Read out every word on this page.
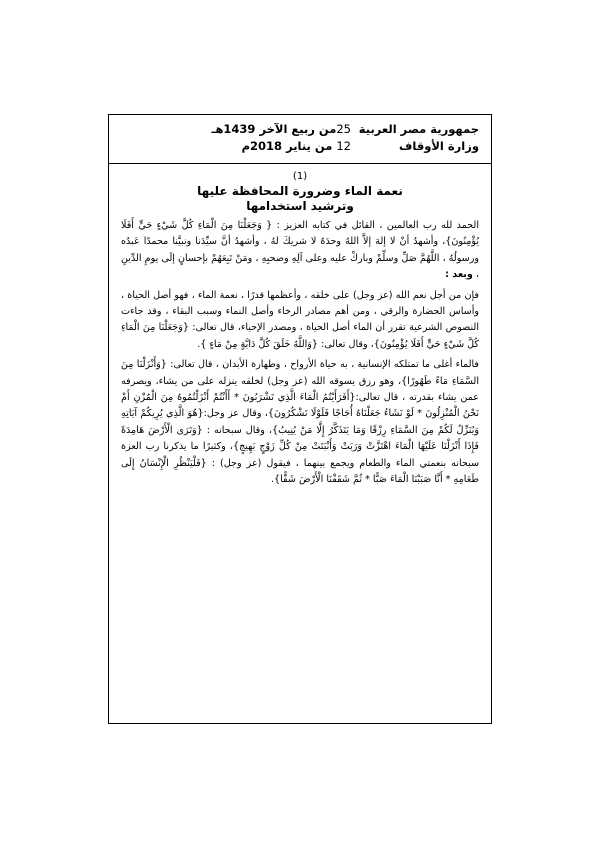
جمهورية مصر العربية
وزارة الأوقاف
25من ربيع الآخر 1439هـ
12 من يناير 2018م
(1)
نعمة الماء وضرورة المحافظة عليها
وترشيد استخدامها

الحمد لله رب العالمين ، القائل في كتابه العزيز : { وَجَعَلْنَا مِنَ الْمَاءِ كُلَّ شَيْءٍ حَيٍّ أَفَلَا يُؤْمِنُونَ}، وأشهدُ أنْ لا إلهَ إلاَّ اللهُ وحدَهُ لا شريكَ لهُ ، وأشهدُ أنَّ سيِّدَنا ونبيَّنا محمدًا عَبدُه ورسولُهُ ، اللَّهُمَّ صَلِّ وسلِّمْ وباركْ عليه وعلى آلِهِ وصحبِهِ ، ومَنْ تَبِعَهُمْ بإحسانٍ إلَى يومِ الدِّينِ ، وبعد :

فإن من أجل نعم الله (عز وجل) على خلقه ، وأعظمها قدرًا ، نعمة الماء ، فهو أصل الحياة ، وأساس الحضارة والرقي ، ومن أهم مصادر الرخاء وأصل النماء وسبب البقاء ، وقد جاءت النصوص الشرعية تقرر أن الماء أصل الحياة ، ومصدر الإحياء، قال تعالى: {وَجَعَلْنَا مِنَ الْمَاءِ كُلَّ شَيْءٍ حَيٍّ أَفَلَا يُؤْمِنُونَ}، وقال تعالى: {وَاللَّهُ خَلَقَ كُلَّ دَابَّةٍ مِنْ مَاءٍ }.

فالماء أغلى ما تمتلكه الإنسانية ، به حياة الأرواح ، وطهارة الأبدان ، قال تعالى: {وَأَنْزَلْنَا مِنَ السَّمَاءِ مَاءً طَهُورًا}، وهو رزق يسوقه الله (عز وجل) لخلقه ينزله على من يشاء، ويصرفه عمن يشاء بقدرته ، قال تعالى:{أَفَرَأَيْتُمُ الْمَاءَ الَّذِي تَشْرَبُونَ * أَأَنْتُمْ أَنْزَلْتُمُوهُ مِنَ الْمُزْنِ أَمْ نَحْنُ الْمُنْزِلُونَ * لَوْ نَشَاءُ جَعَلْنَاهُ أُجَاجًا فَلَوْلَا تَشْكُرُونَ}، وقال عز وجل:{هُوَ الَّذِي يُرِيكُمْ آيَاتِهِ وَيُنَزِّلُ لَكُمْ مِنَ السَّمَاءِ رِزْقًا وَمَا يَتَذَكَّرُ إِلَّا مَنْ يُنِيبُ}، وقال سبحانه : {وَتَرَى الْأَرْضَ هَامِدَةً فَإِذَا أَنْزَلْنَا عَلَيْهَا الْمَاءَ اهْتَزَّتْ وَرَبَتْ وَأَنْبَتَتْ مِنْ كُلِّ زَوْجٍ بَهِيجٍ}، وكثيرًا ما يذكرنا رب العزة سبحانه بنعمتي الماء والطعام ويجمع بينهما ، فيقول (عز وجل) : {فَلْيَنْظُرِ الْإِنْسَانُ إِلَى طَعَامِهِ * أَنَّا صَبَبْنَا الْمَاءَ صَبًّا * ثُمَّ شَقَقْنَا الْأَرْضَ شَقًّا}.
